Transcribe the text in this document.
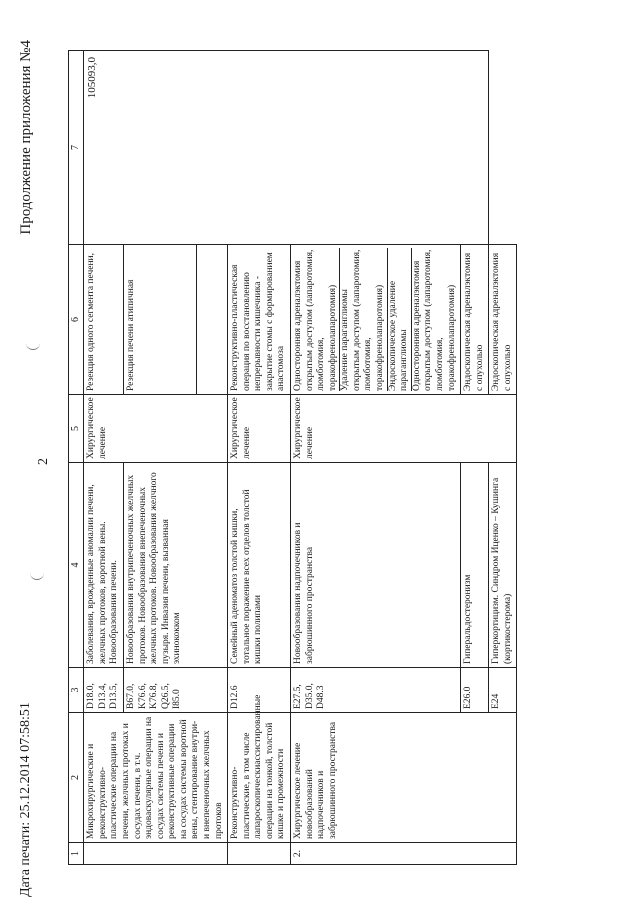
Продолжение приложения №4
2
1	2	3	4	5	6	7
	Микрохирургические и реконструктивно-пластические операции на печени, желчных протоках и сосудах печени, в т.ч. эндоваскулярные операции на сосудах системы печени и реконструктивные операции на сосудах системы воротной вены, стентирование внутри- и внепеченочных желчных протоков	D18.0, D13.4, D13.5,	Заболевания, врожденные аномалии печени, желчных протоков, воротной вены. Новообразования печени.	Хирургическое лечение	Резекция одного сегмента печени,	105093,0
		B67.0, K76.6, K76.8, Q26.5, I85.0	Новообразования внутрипеченочных желчных протоков. Новообразования внепеченочных желчных протоков. Новообразования желчного пузыря. Инвазия печени, вызванная эхинококком		Резекция печени атипичная	

	Реконструктивно-пластические, в том числе лапароскопическиассистированные операции на тонкой, толстой кишке и промежности	D12.6	Семейный аденоматоз толстой кишки, тотальное поражение всех отделов толстой кишки полипами	Хирургическое лечение	Реконструктивно-пластическая операция по восстановлению непрерывности кишечника - закрытие стомы с формированием анастомоза	
2.	Хирургическое лечение новообразований надпочечников и забрюшинного пространства	E27.5, D35.0, D48.3	Новообразования надпочечников и забрюшинного пространства	Хирургическое лечение	Односторонняя адреналэктомия открытым доступом (лапаротомия, люмботомия, торакофренолапаротомия) Удаление параганглиомы открытым доступом (лапаротомия, люмботомия, торакофренолапаротомия) Эндоскопическое удаление параганглиомы Односторонняя адреналэктомия открытым доступом (лапаротомия, люмботомия, торакофренолапаротомия)	

		E26.0	Гиперальдостеронизм		Эндоскопическая адреналэктомия с опухолью	
		E24	Гиперкортицизм. Синдром Иценко – Кушинга (кортикостерома)		Эндоскопическая адреналэктомия с опухолью	
Дата печати: 25.12.2014 07:58:51
